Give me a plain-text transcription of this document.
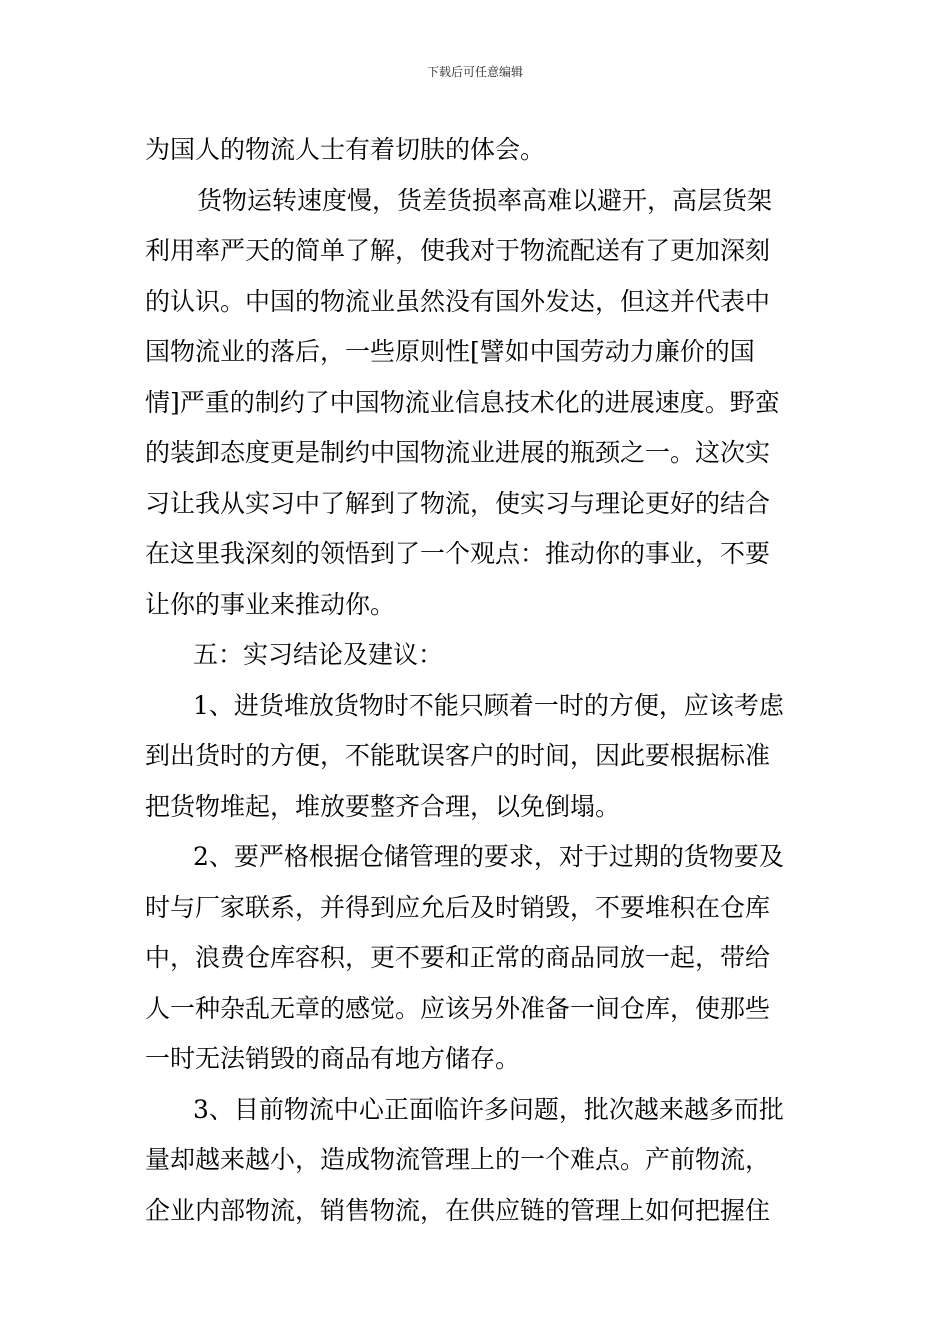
下载后可任意编辑
为国人的物流人士有着切肤的体会。
货物运转速度慢，货差货损率高难以避开，高层货架
利用率严天的简单了解，使我对于物流配送有了更加深刻
的认识。中国的物流业虽然没有国外发达，但这并代表中
国物流业的落后，一些原则性[譬如中国劳动力廉价的国
情]严重的制约了中国物流业信息技术化的进展速度。野蛮
的装卸态度更是制约中国物流业进展的瓶颈之一。这次实
习让我从实习中了解到了物流，使实习与理论更好的结合
在这里我深刻的领悟到了一个观点：推动你的事业，不要
让你的事业来推动你。
五：实习结论及建议：
1、进货堆放货物时不能只顾着一时的方便，应该考虑
到出货时的方便，不能耽误客户的时间，因此要根据标准
把货物堆起，堆放要整齐合理，以免倒塌。
2、要严格根据仓储管理的要求，对于过期的货物要及
时与厂家联系，并得到应允后及时销毁，不要堆积在仓库
中，浪费仓库容积，更不要和正常的商品同放一起，带给
人一种杂乱无章的感觉。应该另外准备一间仓库，使那些
一时无法销毁的商品有地方储存。
3、目前物流中心正面临许多问题，批次越来越多而批
量却越来越小，造成物流管理上的一个难点。产前物流，
企业内部物流，销售物流，在供应链的管理上如何把握住
